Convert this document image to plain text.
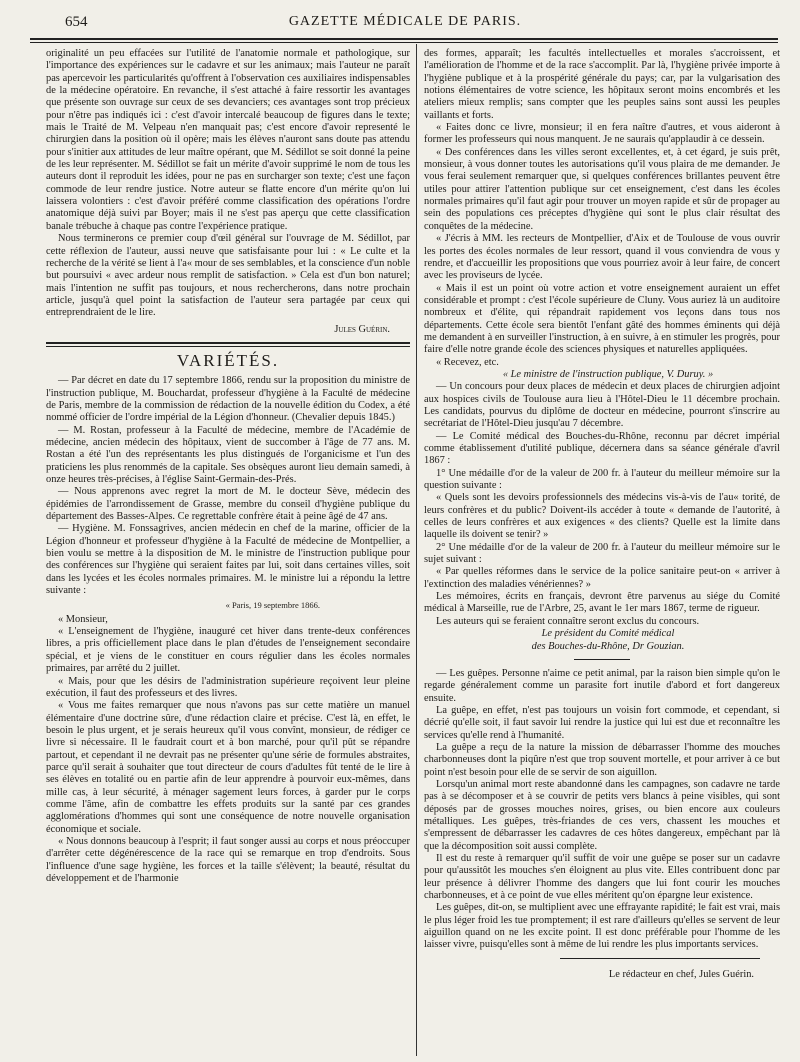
654	GAZETTE MÉDICALE DE PARIS.

originalité un peu effacées sur l'utilité de l'anatomie normale et pathologique, sur l'importance des expériences sur le cadavre et sur les animaux; mais l'auteur ne paraît pas apercevoir les particularités qu'offrent à l'observation ces auxiliaires indispensables de la médecine opératoire. En revanche, il s'est attaché à faire ressortir les avantages que présente son ouvrage sur ceux de ses devanciers; ces avantages sont trop précieux pour n'être pas indiqués ici : c'est d'avoir intercalé beaucoup de figures dans le texte; mais le Traité de M. Velpeau n'en manquait pas; c'est encore d'avoir representé le chirurgien dans la position où il opère; mais les élèves n'auront sans doute pas attendu pour s'initier aux attitudes de leur maître opérant, que M. Sédillot se soit donné la peine de les leur représenter. M. Sédillot se fait un mérite d'avoir supprimé le nom de tous les auteurs dont il reproduit les idées, pour ne pas en surcharger son texte; c'est une façon commode de leur rendre justice. Notre auteur se flatte encore d'un mérite qu'on lui laissera volontiers : c'est d'avoir préféré comme classification des opérations l'ordre anatomique déjà suivi par Boyer; mais il ne s'est pas aperçu que cette classification banale trébuche à chaque pas contre l'expérience pratique.

Nous terminerons ce premier coup d'œil général sur l'ouvrage de M. Sédillot, par cette réflexion de l'auteur, aussi neuve que satisfaisante pour lui : « Le culte et la recherche de la vérité se lient à l'a« mour de ses semblables, et la conscience d'un noble but poursuivi « avec ardeur nous remplit de satisfaction. » Cela est d'un bon naturel; mais l'intention ne suffit pas toujours, et nous rechercherons, dans notre prochain article, jusqu'à quel point la satisfaction de l'auteur sera partagée par ceux qui entreprendraient de le lire.

Jules Guérin.
VARIÉTÉS.

— Par décret en date du 17 septembre 1866, rendu sur la proposition du ministre de l'instruction publique, M. Bouchardat, professeur d'hygiène à la Faculté de médecine de Paris, membre de la commission de rédaction de la nouvelle édition du Codex, a été nommé officier de l'ordre impérial de la Légion d'honneur. (Chevalier depuis 1845.)

— M. Rostan, professeur à la Faculté de médecine, membre de l'Académie de médecine, ancien médecin des hôpitaux, vient de succomber à l'âge de 77 ans. M. Rostan a été l'un des représentants les plus distingués de l'organicisme et l'un des praticiens les plus renommés de la capitale. Ses obsèques auront lieu demain samedi, à onze heures très-précises, à l'église Saint-Germain-des-Prés.

— Nous apprenons avec regret la mort de M. le docteur Sève, médecin des épidémies de l'arrondissement de Grasse, membre du conseil d'hygiène publique du département des Basses-Alpes. Ce regrettable confrère était à peine âgé de 47 ans.

— Hygiène. M. Fonssagrives, ancien médecin en chef de la marine, officier de la Légion d'honneur et professeur d'hygiène à la Faculté de médecine de Montpellier, a bien voulu se mettre à la disposition de M. le ministre de l'instruction publique pour des conférences sur l'hygiène qui seraient faites par lui, soit dans certaines villes, soit dans les lycées et les écoles normales primaires. M. le ministre lui a répondu la lettre suivante :

« Paris, 19 septembre 1866.

« Monsieur,

« L'enseignement de l'hygiène, inauguré cet hiver dans trente-deux conférences libres, a pris officiellement place dans le plan d'études de l'enseignement secondaire spécial, et je viens de le constituer en cours régulier dans les écoles normales primaires, par arrêté du 2 juillet.

« Mais, pour que les désirs de l'administration supérieure reçoivent leur pleine exécution, il faut des professeurs et des livres.

« Vous me faites remarquer que nous n'avons pas sur cette matière un manuel élémentaire d'une doctrine sûre, d'une rédaction claire et précise. C'est là, en effet, le besoin le plus urgent, et je serais heureux qu'il vous convînt, monsieur, de rédiger ce livre si nécessaire. Il le faudrait court et à bon marché, pour qu'il pût se répandre partout, et cependant il ne devrait pas ne présenter qu'une série de formules abstraites, parce qu'il serait à souhaiter que tout directeur de cours d'adultes fût tenté de le lire à ses élèves en totalité ou en partie afin de leur apprendre à pourvoir eux-mêmes, dans mille cas, à leur sécurité, à ménager sagement leurs forces, à garder pur le corps comme l'âme, afin de combattre les effets produits sur la santé par ces grandes agglomérations d'hommes qui sont une conséquence de notre nouvelle organisation économique et sociale.

« Nous donnons beaucoup à l'esprit; il faut songer aussi au corps et nous préoccuper d'arrêter cette dégénérescence de la race qui se remarque en trop d'endroits. Sous l'influence d'une sage hygiène, les forces et la taille s'élèvent; la beauté, résultat du développement et de l'harmonie

des formes, apparaît; les facultés intellectuelles et morales s'accroissent, et l'amélioration de l'homme et de la race s'accomplit. Par là, l'hygiène privée importe à l'hygiène publique et à la prospérité générale du pays; car, par la vulgarisation des notions élémentaires de votre science, les hôpitaux seront moins encombrés et les ateliers mieux remplis; sans compter que les peuples sains sont aussi les peuples vaillants et forts.

« Faites donc ce livre, monsieur; il en fera naître d'autres, et vous aideront à former les professeurs qui nous manquent. Je ne saurais qu'applaudir à ce dessein.

« Des conférences dans les villes seront excellentes, et, à cet égard, je suis prêt, monsieur, à vous donner toutes les autorisations qu'il vous plaira de me demander. Je vous ferai seulement remarquer que, si quelques conférences brillantes peuvent être utiles pour attirer l'attention publique sur cet enseignement, c'est dans les écoles normales primaires qu'il faut agir pour trouver un moyen rapide et sûr de propager au sein des populations ces préceptes d'hygiène qui sont le plus clair résultat des conquêtes de la médecine.

« J'écris à MM. les recteurs de Montpellier, d'Aix et de Toulouse de vous ouvrir les portes des écoles normales de leur ressort, quand il vous conviendra de vous y rendre, et d'accueillir les propositions que vous pourriez avoir à leur faire, de concert avec les proviseurs de lycée.

« Mais il est un point où votre action et votre enseignement auraient un effet considérable et prompt : c'est l'école supérieure de Cluny. Vous auriez là un auditoire nombreux et d'élite, qui répandrait rapidement vos leçons dans tous nos départements. Cette école sera bientôt l'enfant gâté des hommes éminents qui déjà me demandent à en surveiller l'instruction, à en suivre, à en stimuler les progrès, pour faire d'elle notre grande école des sciences physiques et naturelles appliquées.

« Recevez, etc.

« Le ministre de l'instruction publique, V. Duruy. »

— Un concours pour deux places de médecin et deux places de chirurgien adjoint aux hospices civils de Toulouse aura lieu à l'Hôtel-Dieu le 11 décembre prochain. Les candidats, pourvus du diplôme de docteur en médecine, pourront s'inscrire au secrétariat de l'Hôtel-Dieu jusqu'au 7 décembre.

— Le Comité médical des Bouches-du-Rhône, reconnu par décret impérial comme établissement d'utilité publique, décernera dans sa séance générale d'avril 1867 :

1° Une médaille d'or de la valeur de 200 fr. à l'auteur du meilleur mémoire sur la question suivante :

« Quels sont les devoirs professionnels des médecins vis-à-vis de l'au« torité, de leurs confrères et du public? Doivent-ils accéder à toute « demande de l'autorité, à celles de leurs confrères et aux exigences « des clients? Quelle est la limite dans laquelle ils doivent se tenir? »

2° Une médaille d'or de la valeur de 200 fr. à l'auteur du meilleur mémoire sur le sujet suivant :

« Par quelles réformes dans le service de la police sanitaire peut-on « arriver à l'extinction des maladies vénériennes? »

Les mémoires, écrits en français, devront être parvenus au siége du Comité médical à Marseille, rue de l'Arbre, 25, avant le 1er mars 1867, terme de rigueur.

Les auteurs qui se feraient connaître seront exclus du concours.

Le président du Comité médical

des Bouches-du-Rhône, Dr Gouzian.

— Les guêpes. Personne n'aime ce petit animal, par la raison bien simple qu'on le regarde généralement comme un parasite fort inutile d'abord et fort dangereux ensuite.

La guêpe, en effet, n'est pas toujours un voisin fort commode, et cependant, si décrié qu'elle soit, il faut savoir lui rendre la justice qui lui est due et reconnaître les services qu'elle rend à l'humanité.

La guêpe a reçu de la nature la mission de débarrasser l'homme des mouches charbonneuses dont la piqûre n'est que trop souvent mortelle, et pour arriver à ce but point n'est besoin pour elle de se servir de son aiguillon.

Lorsqu'un animal mort reste abandonné dans les campagnes, son cadavre ne tarde pas à se décomposer et à se couvrir de petits vers blancs à peine visibles, qui sont déposés par de grosses mouches noires, grises, ou bien encore aux couleurs métalliques. Les guêpes, très-friandes de ces vers, chassent les mouches et s'empressent de débarrasser les cadavres de ces hôtes dangereux, empêchant par là que la décomposition soit aussi complète.

Il est du reste à remarquer qu'il suffit de voir une guêpe se poser sur un cadavre pour qu'aussitôt les mouches s'en éloignent au plus vite. Elles contribuent donc par leur présence à délivrer l'homme des dangers que lui font courir les mouches charbonneuses, et à ce point de vue elles méritent qu'on épargne leur existence.

Les guêpes, dit-on, se multiplient avec une effrayante rapidité; le fait est vrai, mais le plus léger froid les tue promptement; il est rare d'ailleurs qu'elles se servent de leur aiguillon quand on ne les excite point. Il est donc préférable pour l'homme de les laisser vivre, puisqu'elles sont à même de lui rendre les plus importants services.

Le rédacteur en chef, Jules Guérin.
